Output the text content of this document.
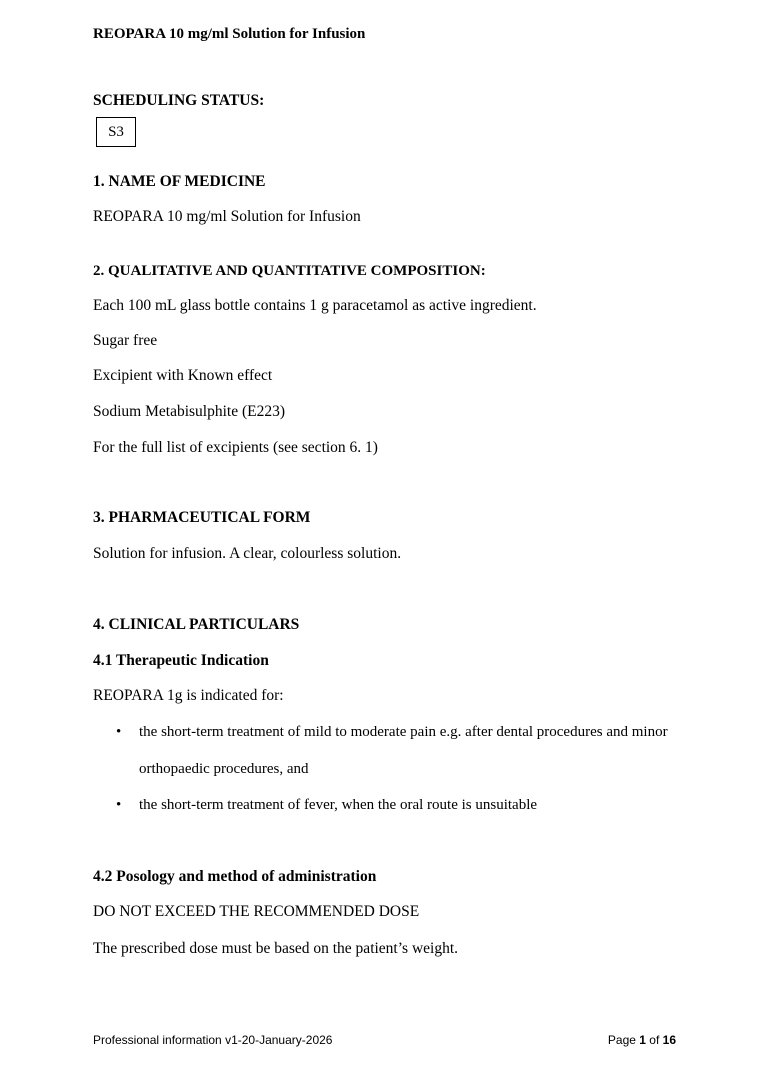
REOPARA 10 mg/ml Solution for Infusion
SCHEDULING STATUS:
S3
1. NAME OF MEDICINE
REOPARA 10 mg/ml Solution for Infusion
2. QUALITATIVE AND QUANTITATIVE COMPOSITION:
Each 100 mL glass bottle contains 1 g paracetamol as active ingredient.
Sugar free
Excipient with Known effect
Sodium Metabisulphite (E223)
For the full list of excipients (see section 6. 1)
3. PHARMACEUTICAL FORM
Solution for infusion. A clear, colourless solution.
4. CLINICAL PARTICULARS
4.1 Therapeutic Indication
REOPARA 1g is indicated for:
• the short-term treatment of mild to moderate pain e.g. after dental procedures and minor
orthopaedic procedures, and
• the short-term treatment of fever, when the oral route is unsuitable
4.2 Posology and method of administration
DO NOT EXCEED THE RECOMMENDED DOSE
The prescribed dose must be based on the patient’s weight.
Professional information v1-20-January-2026	Page 1 of 16
